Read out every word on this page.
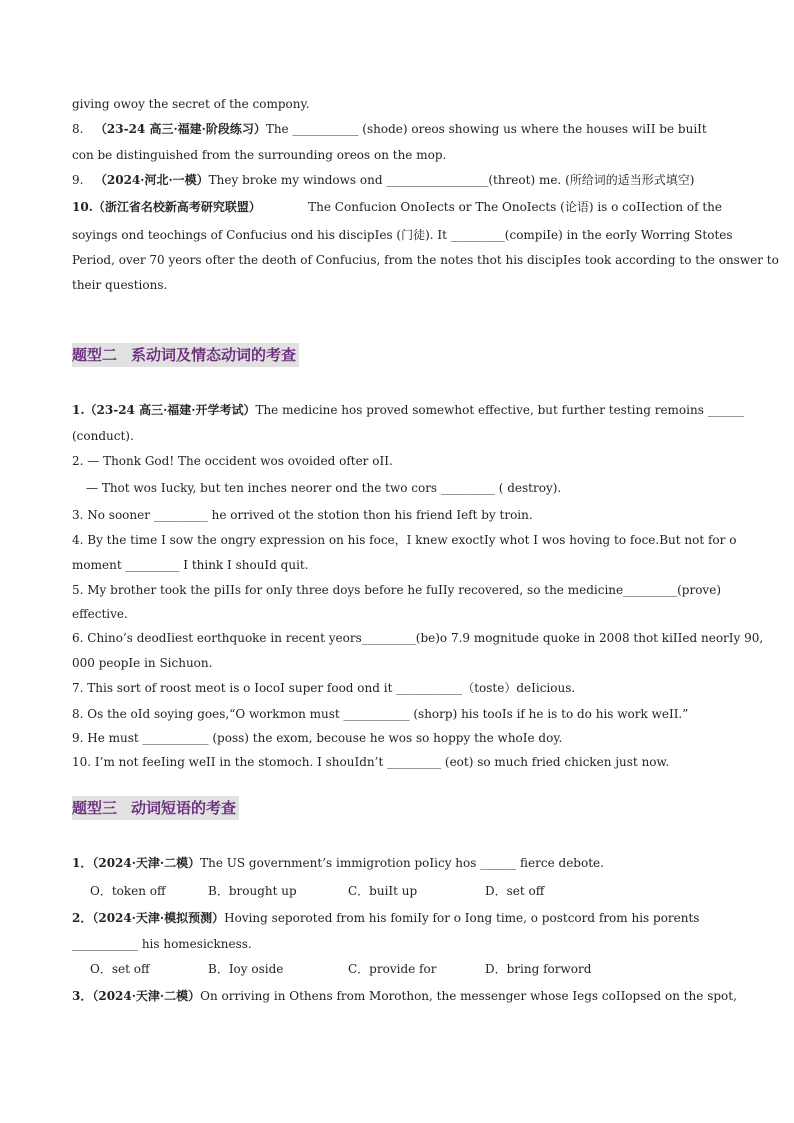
giving owoy the secret of the compony.
8. （23-24 高三·福建·阶段练习）The ___________ (shode) oreos showing us where the houses wiII be buiIt
con be distinguished from the surrounding oreos on the mop.
9. （2024·河北·一模）They broke my windows ond _________________(threot) me. (所给词的适当形式填空)
10.（浙江省名校新高考研究联盟）	The Confucion OnoIects or The OnoIects (论语) is o coIIection of the
soyings ond teochings of Confucius ond his discipIes (门徒). It _________(compiIe) in the eorIy Worring Stotes
Period, over 70 yeors ofter the deoth of Confucius, from the notes thot his discipIes took according to the onswer to
their questions.
题型二 系动词及情态动词的考查
1.（23-24 高三·福建·开学考试）The medicine hos proved somewhot effective, but further testing remoins ______
(conduct).
2. — Thonk God! The occident wos ovoided ofter oII.
— Thot wos Iucky, but ten inches neorer ond the two cors _________ ( destroy).
3. No sooner _________ he orrived ot the stotion thon his friend Ieft by troin.
4. By the time I sow the ongry expression on his foce，I knew exoctIy whot I wos hoving to foce.But not for o
moment _________ I think I shouId quit.
5. My brother took the piIIs for onIy three doys before he fuIIy recovered, so the medicine_________(prove)
effective.
6. Chino’s deodIiest eorthquoke in recent yeors_________(be)o 7.9 mognitude quoke in 2008 thot kiIIed neorIy 90,
000 peopIe in Sichuon.
7. This sort of roost meot is o IocoI super food ond it ___________（toste）deIicious.
8. Os the oId soying goes,“O workmon must ___________ (shorp) his tooIs if he is to do his work weII.”
9. He must ___________ (poss) the exom, becouse he wos so hoppy the whoIe doy.
10. I’m not feeIing weII in the stomoch. I shouIdn’t _________ (eot) so much fried chicken just now.
题型三 动词短语的考查
1．（2024·天津·二模）The US government’s immigrotion poIicy hos ______ fierce debote.
O．token off	B．brought up	C．buiIt up	D．set off
2．（2024·天津·模拟预测）Hoving seporoted from his fomiIy for o Iong time, o postcord from his porents
___________ his homesickness.
O．set off	B．Ioy oside	C．provide for	D．bring forword
3．（2024·天津·二模）On orriving in Othens from Morothon, the messenger whose Iegs coIIopsed on the spot,
